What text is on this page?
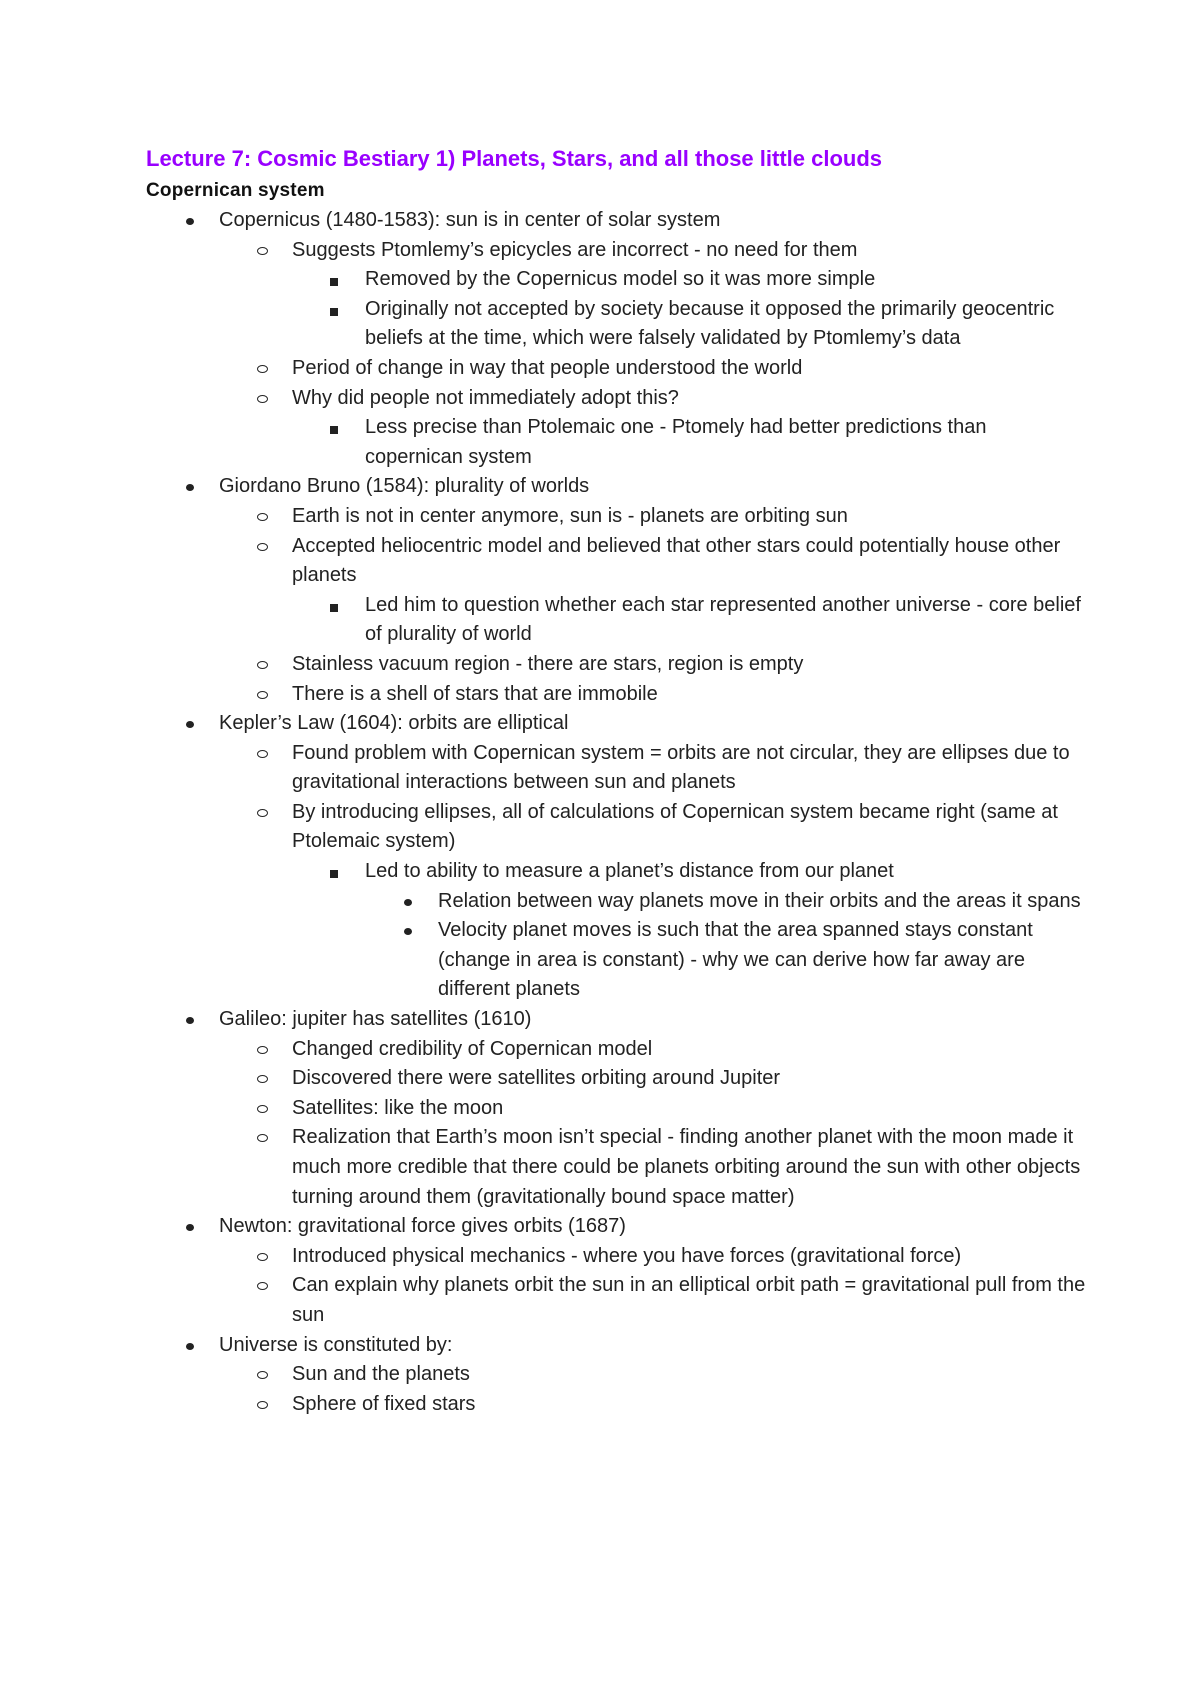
Lecture 7: Cosmic Bestiary 1) Planets, Stars, and all those little clouds
Copernican system
Copernicus (1480-1583): sun is in center of solar system
Suggests Ptomlemy’s epicycles are incorrect - no need for them
Removed by the Copernicus model so it was more simple
Originally not accepted by society because it opposed the primarily geocentric beliefs at the time, which were falsely validated by Ptomlemy’s data
Period of change in way that people understood the world
Why did people not immediately adopt this?
Less precise than Ptolemaic one - Ptomely had better predictions than copernican system
Giordano Bruno (1584): plurality of worlds
Earth is not in center anymore, sun is - planets are orbiting sun
Accepted heliocentric model and believed that other stars could potentially house other planets
Led him to question whether each star represented another universe - core belief of plurality of world
Stainless vacuum region - there are stars, region is empty
There is a shell of stars that are immobile
Kepler’s Law (1604): orbits are elliptical
Found problem with Copernican system = orbits are not circular, they are ellipses due to gravitational interactions between sun and planets
By introducing ellipses, all of calculations of Copernican system became right (same at Ptolemaic system)
Led to ability to measure a planet’s distance from our planet
Relation between way planets move in their orbits and the areas it spans
Velocity planet moves is such that the area spanned stays constant (change in area is constant) - why we can derive how far away are different planets
Galileo: jupiter has satellites (1610)
Changed credibility of Copernican model
Discovered there were satellites orbiting around Jupiter
Satellites: like the moon
Realization that Earth’s moon isn’t special - finding another planet with the moon made it much more credible that there could be planets orbiting around the sun with other objects turning around them (gravitationally bound space matter)
Newton: gravitational force gives orbits (1687)
Introduced physical mechanics - where you have forces (gravitational force)
Can explain why planets orbit the sun in an elliptical orbit path = gravitational pull from the sun
Universe is constituted by:
Sun and the planets
Sphere of fixed stars
